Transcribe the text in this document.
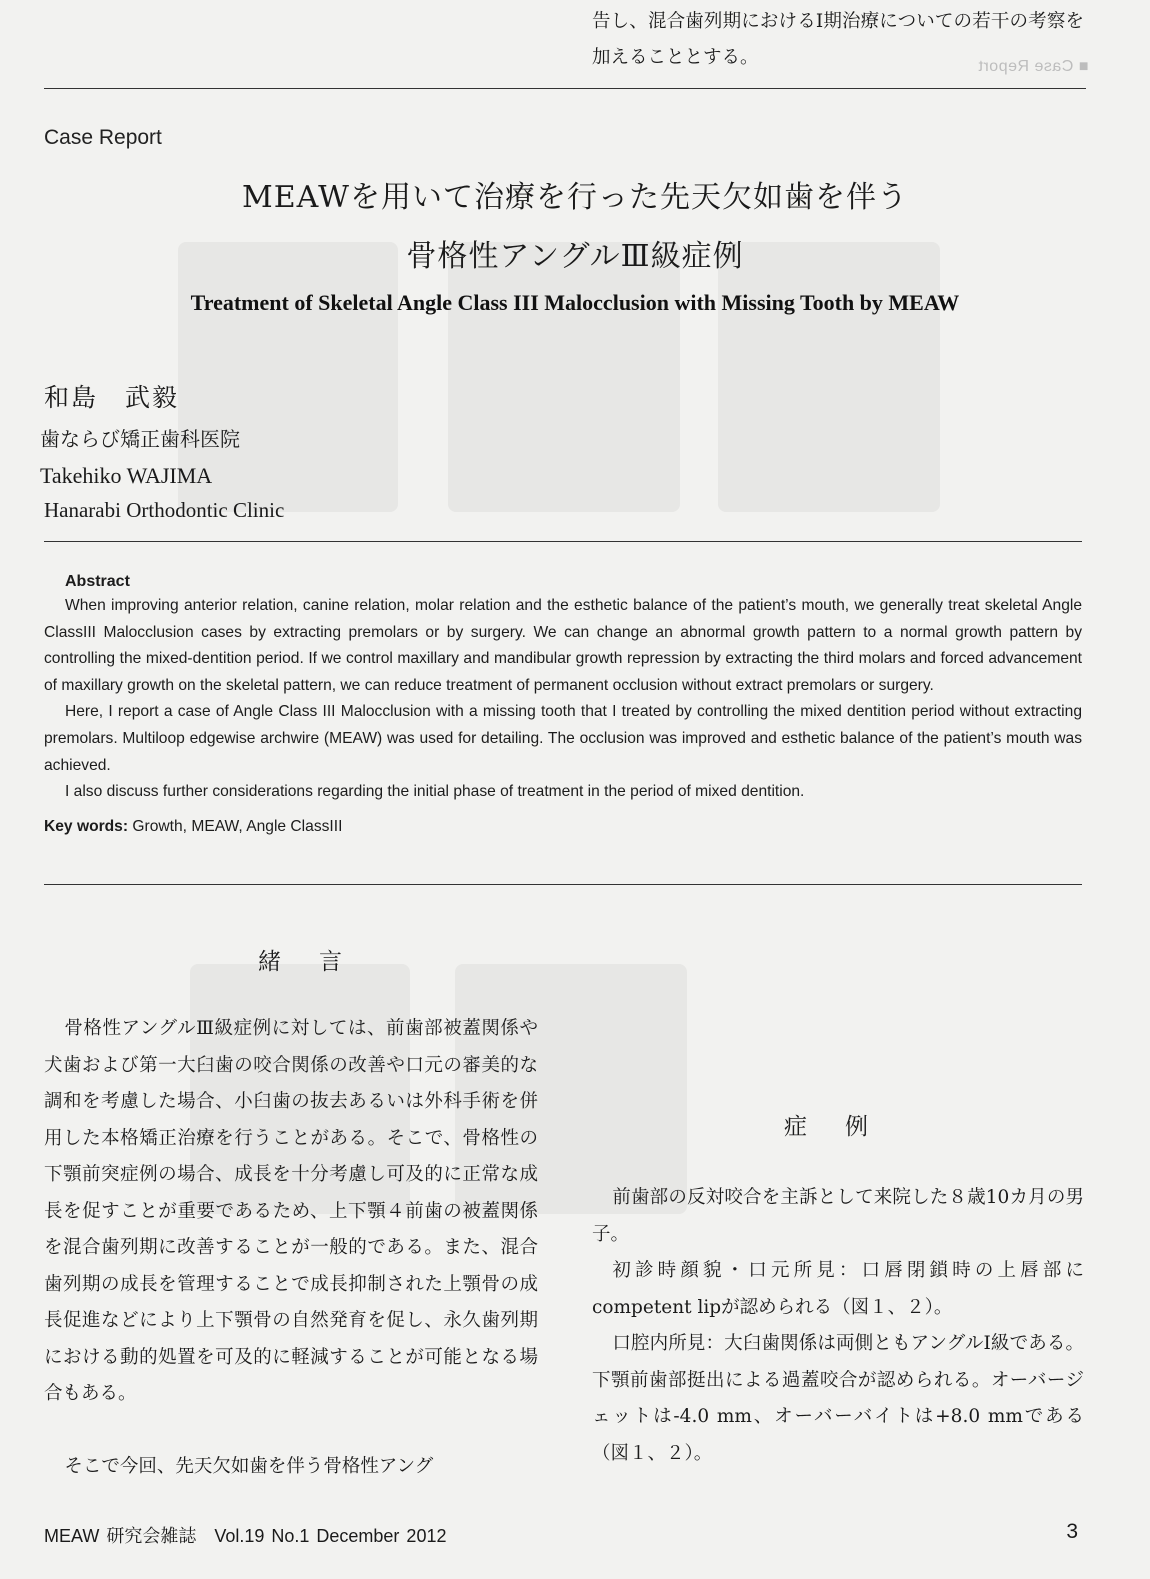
■ Case Report
Case Report
MEAWを用いて治療を行った先天欠如歯を伴う
骨格性アングルⅢ級症例
Treatment of Skeletal Angle Class III Malocclusion with Missing Tooth by MEAW
和島　武毅
歯ならび矯正歯科医院
Takehiko WAJIMA
Hanarabi Orthodontic Clinic
Abstract

When improving anterior relation, canine relation, molar relation and the esthetic balance of the patient’s mouth, we generally treat skeletal Angle ClassIII Malocclusion cases by extracting premolars or by surgery. We can change an abnormal growth pattern to a normal growth pattern by controlling the mixed-dentition period. If we control maxillary and mandibular growth repression by extracting the third molars and forced advancement of maxillary growth on the skeletal pattern, we can reduce treatment of permanent occlusion without extract premolars or surgery.

Here, I report a case of Angle Class III Malocclusion with a missing tooth that I treated by controlling the mixed dentition period without extracting premolars. Multiloop edgewise archwire (MEAW) was used for detailing. The occlusion was improved and esthetic balance of the patient’s mouth was achieved.

I also discuss further considerations regarding the initial phase of treatment in the period of mixed dentition.

Key words: Growth, MEAW, Angle ClassIII
緒言

骨格性アングルⅢ級症例に対しては、前歯部被蓋関係や犬歯および第一大臼歯の咬合関係の改善や口元の審美的な調和を考慮した場合、小臼歯の抜去あるいは外科手術を併用した本格矯正治療を行うことがある。そこで、骨格性の下顎前突症例の場合、成長を十分考慮し可及的に正常な成長を促すことが重要であるため、上下顎４前歯の被蓋関係を混合歯列期に改善することが一般的である。また、混合歯列期の成長を管理することで成長抑制された上顎骨の成長促進などにより上下顎骨の自然発育を促し、永久歯列期における動的処置を可及的に軽減することが可能となる場合もある。

告し、混合歯列期におけるⅠ期治療についての若干の考察を加えることとする。

そこで今回、先天欠如歯を伴う骨格性アング
症例

前歯部の反対咬合を主訴として来院した８歳10カ月の男子。

初診時顔貌・口元所見：口唇閉鎖時の上唇部にcompetent lipが認められる（図１、２）。

口腔内所見：大臼歯関係は両側ともアングルⅠ級である。下顎前歯部挺出による過蓋咬合が認められる。オーバージェットは-4.0 mm、オーバーバイトは+8.0 mmである（図１、２）。

MEAW 研究会雑誌　Vol.19 No.1 December 2012	3
